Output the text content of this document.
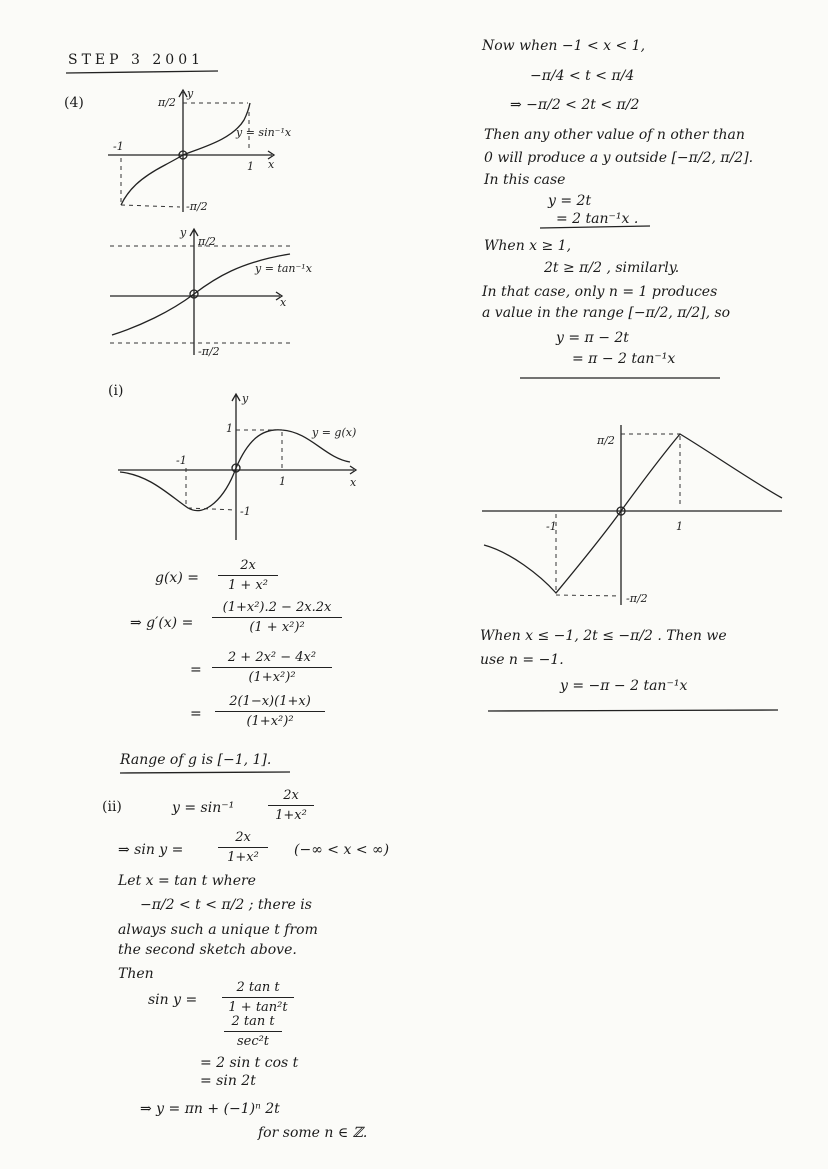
π/2
-π/2
-1
1 x
y
y = sin⁻¹x
π/2
-π/2
x
y
y = tan⁻¹x
-1
1
1
-1
x
y
y = g(x)
π/2
-π/2
-1	1
STEP 3 2001
(4)
(i)
g(x) =
2x
1 + x²
⇒ g′(x) =
(1+x²).2 − 2x.2x
(1 + x²)²
=
2 + 2x² − 4x²
(1+x²)²
=
2(1−x)(1+x)
(1+x²)²
Range of g is [−1, 1].
(ii)	y = sin⁻¹
2x
1+x²
⇒ sin y =
2x
1+x²	(−∞ < x < ∞)
Let x = tan t where
−π/2 < t < π/2 ; there is
always such a unique t from
the second sketch above.
Then
sin y =
2 tan t
1 + tan²t
2 tan t
sec²t
= 2 sin t cos t
= sin 2t
⇒ y = πn + (−1)ⁿ 2t
for some n ∈ ℤ.
Now when −1 < x < 1,
−π/4 < t < π/4
⇒ −π/2 < 2t < π/2
Then any other value of n other than
0 will produce a y outside [−π/2, π/2].
In this case
y = 2t
= 2 tan⁻¹x .
When x ≥ 1,
2t ≥ π/2 , similarly.
In that case, only n = 1 produces
a value in the range [−π/2, π/2], so
y = π − 2t
= π − 2 tan⁻¹x
When x ≤ −1, 2t ≤ −π/2 . Then we
use n = −1.
y = −π − 2 tan⁻¹x
